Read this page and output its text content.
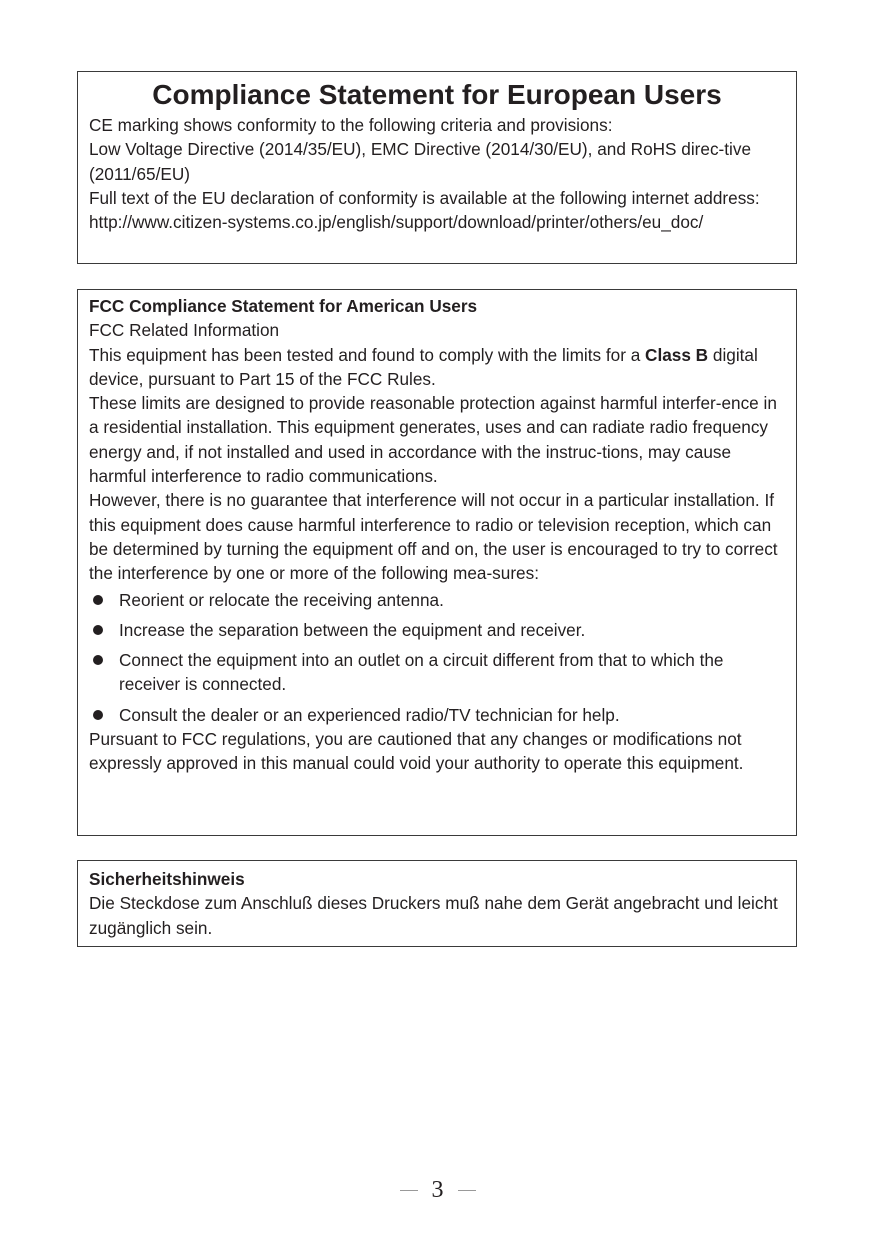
Compliance Statement for European Users

CE marking shows conformity to the following criteria and provisions:

Low Voltage Directive (2014/35/EU), EMC Directive (2014/30/EU), and RoHS direc-tive (2011/65/EU)

Full text of the EU declaration of conformity is available at the following internet address:

http://www.citizen-systems.co.jp/english/support/download/printer/others/eu_doc/

FCC Compliance Statement for American Users

FCC Related Information

This equipment has been tested and found to comply with the limits for a Class B digital device, pursuant to Part 15 of the FCC Rules.

These limits are designed to provide reasonable protection against harmful interfer-ence in a residential installation. This equipment generates, uses and can radiate radio frequency energy and, if not installed and used in accordance with the instruc-tions, may cause harmful interference to radio communications.

However, there is no guarantee that interference will not occur in a particular installation. If this equipment does cause harmful interference to radio or television reception, which can be determined by turning the equipment off and on, the user is encouraged to try to correct the interference by one or more of the following mea-sures:

Reorient or relocate the receiving antenna.
Increase the separation between the equipment and receiver.
Connect the equipment into an outlet on a circuit different from that to which the receiver is connected.
Consult the dealer or an experienced radio/TV technician for help.

Pursuant to FCC regulations, you are cautioned that any changes or modifications not expressly approved in this manual could void your authority to operate this equipment.

Sicherheitshinweis

Die Steckdose zum Anschluß dieses Druckers muß nahe dem Gerät angebracht und leicht zugänglich sein.

3
